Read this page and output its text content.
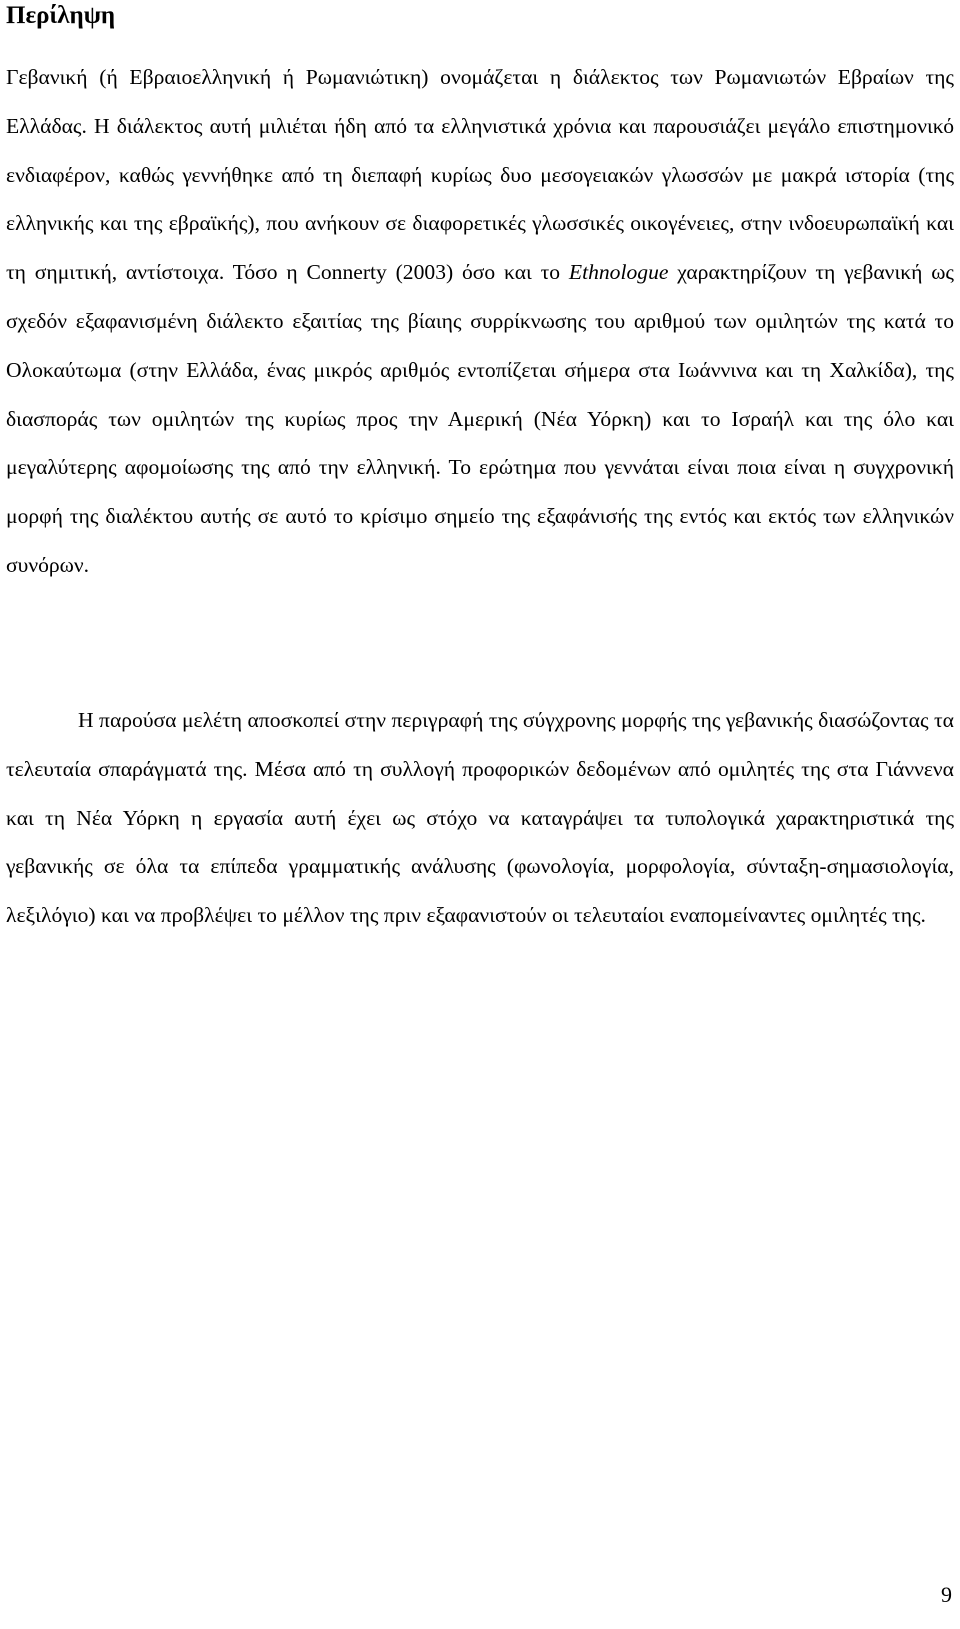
Περίληψη

Γεβανική (ή Εβραιοελληνική ή Ρωμανιώτικη) ονομάζεται η διάλεκτος των Ρωμανιωτών Εβραίων της Ελλάδας. Η διάλεκτος αυτή μιλιέται ήδη από τα ελληνιστικά χρόνια και παρουσιάζει μεγάλο επιστημονικό ενδιαφέρον, καθώς γεννήθηκε από τη διεπαφή κυρίως δυο μεσογειακών γλωσσών με μακρά ιστορία (της ελληνικής και της εβραϊκής), που ανήκουν σε διαφορετικές γλωσσικές οικογένειες, στην ινδοευρωπαϊκή και τη σημιτική, αντίστοιχα. Τόσο η Connerty (2003) όσο και το Ethnologue χαρακτηρίζουν τη γεβανική ως σχεδόν εξαφανισμένη διάλεκτο εξαιτίας της βίαιης συρρίκνωσης του αριθμού των ομιλητών της κατά το Ολοκαύτωμα (στην Ελλάδα, ένας μικρός αριθμός εντοπίζεται σήμερα στα Ιωάννινα και τη Χαλκίδα), της διασποράς των ομιλητών της κυρίως προς την Αμερική (Νέα Υόρκη) και το Ισραήλ και της όλο και μεγαλύτερης αφομοίωσης της από την ελληνική. Το ερώτημα που γεννάται είναι ποια είναι η συγχρονική μορφή της διαλέκτου αυτής σε αυτό το κρίσιμο σημείο της εξαφάνισής της εντός και εκτός των ελληνικών συνόρων.

Η παρούσα μελέτη αποσκοπεί στην περιγραφή της σύγχρονης μορφής της γεβανικής διασώζοντας τα τελευταία σπαράγματά της. Μέσα από τη συλλογή προφορικών δεδομένων από ομιλητές της στα Γιάννενα και τη Νέα Υόρκη η εργασία αυτή έχει ως στόχο να καταγράψει τα τυπολογικά χαρακτηριστικά της γεβανικής σε όλα τα επίπεδα γραμματικής ανάλυσης (φωνολογία, μορφολογία, σύνταξη-σημασιολογία, λεξιλόγιο) και να προβλέψει το μέλλον της πριν εξαφανιστούν οι τελευταίοι εναπομείναντες ομιλητές της.

9
